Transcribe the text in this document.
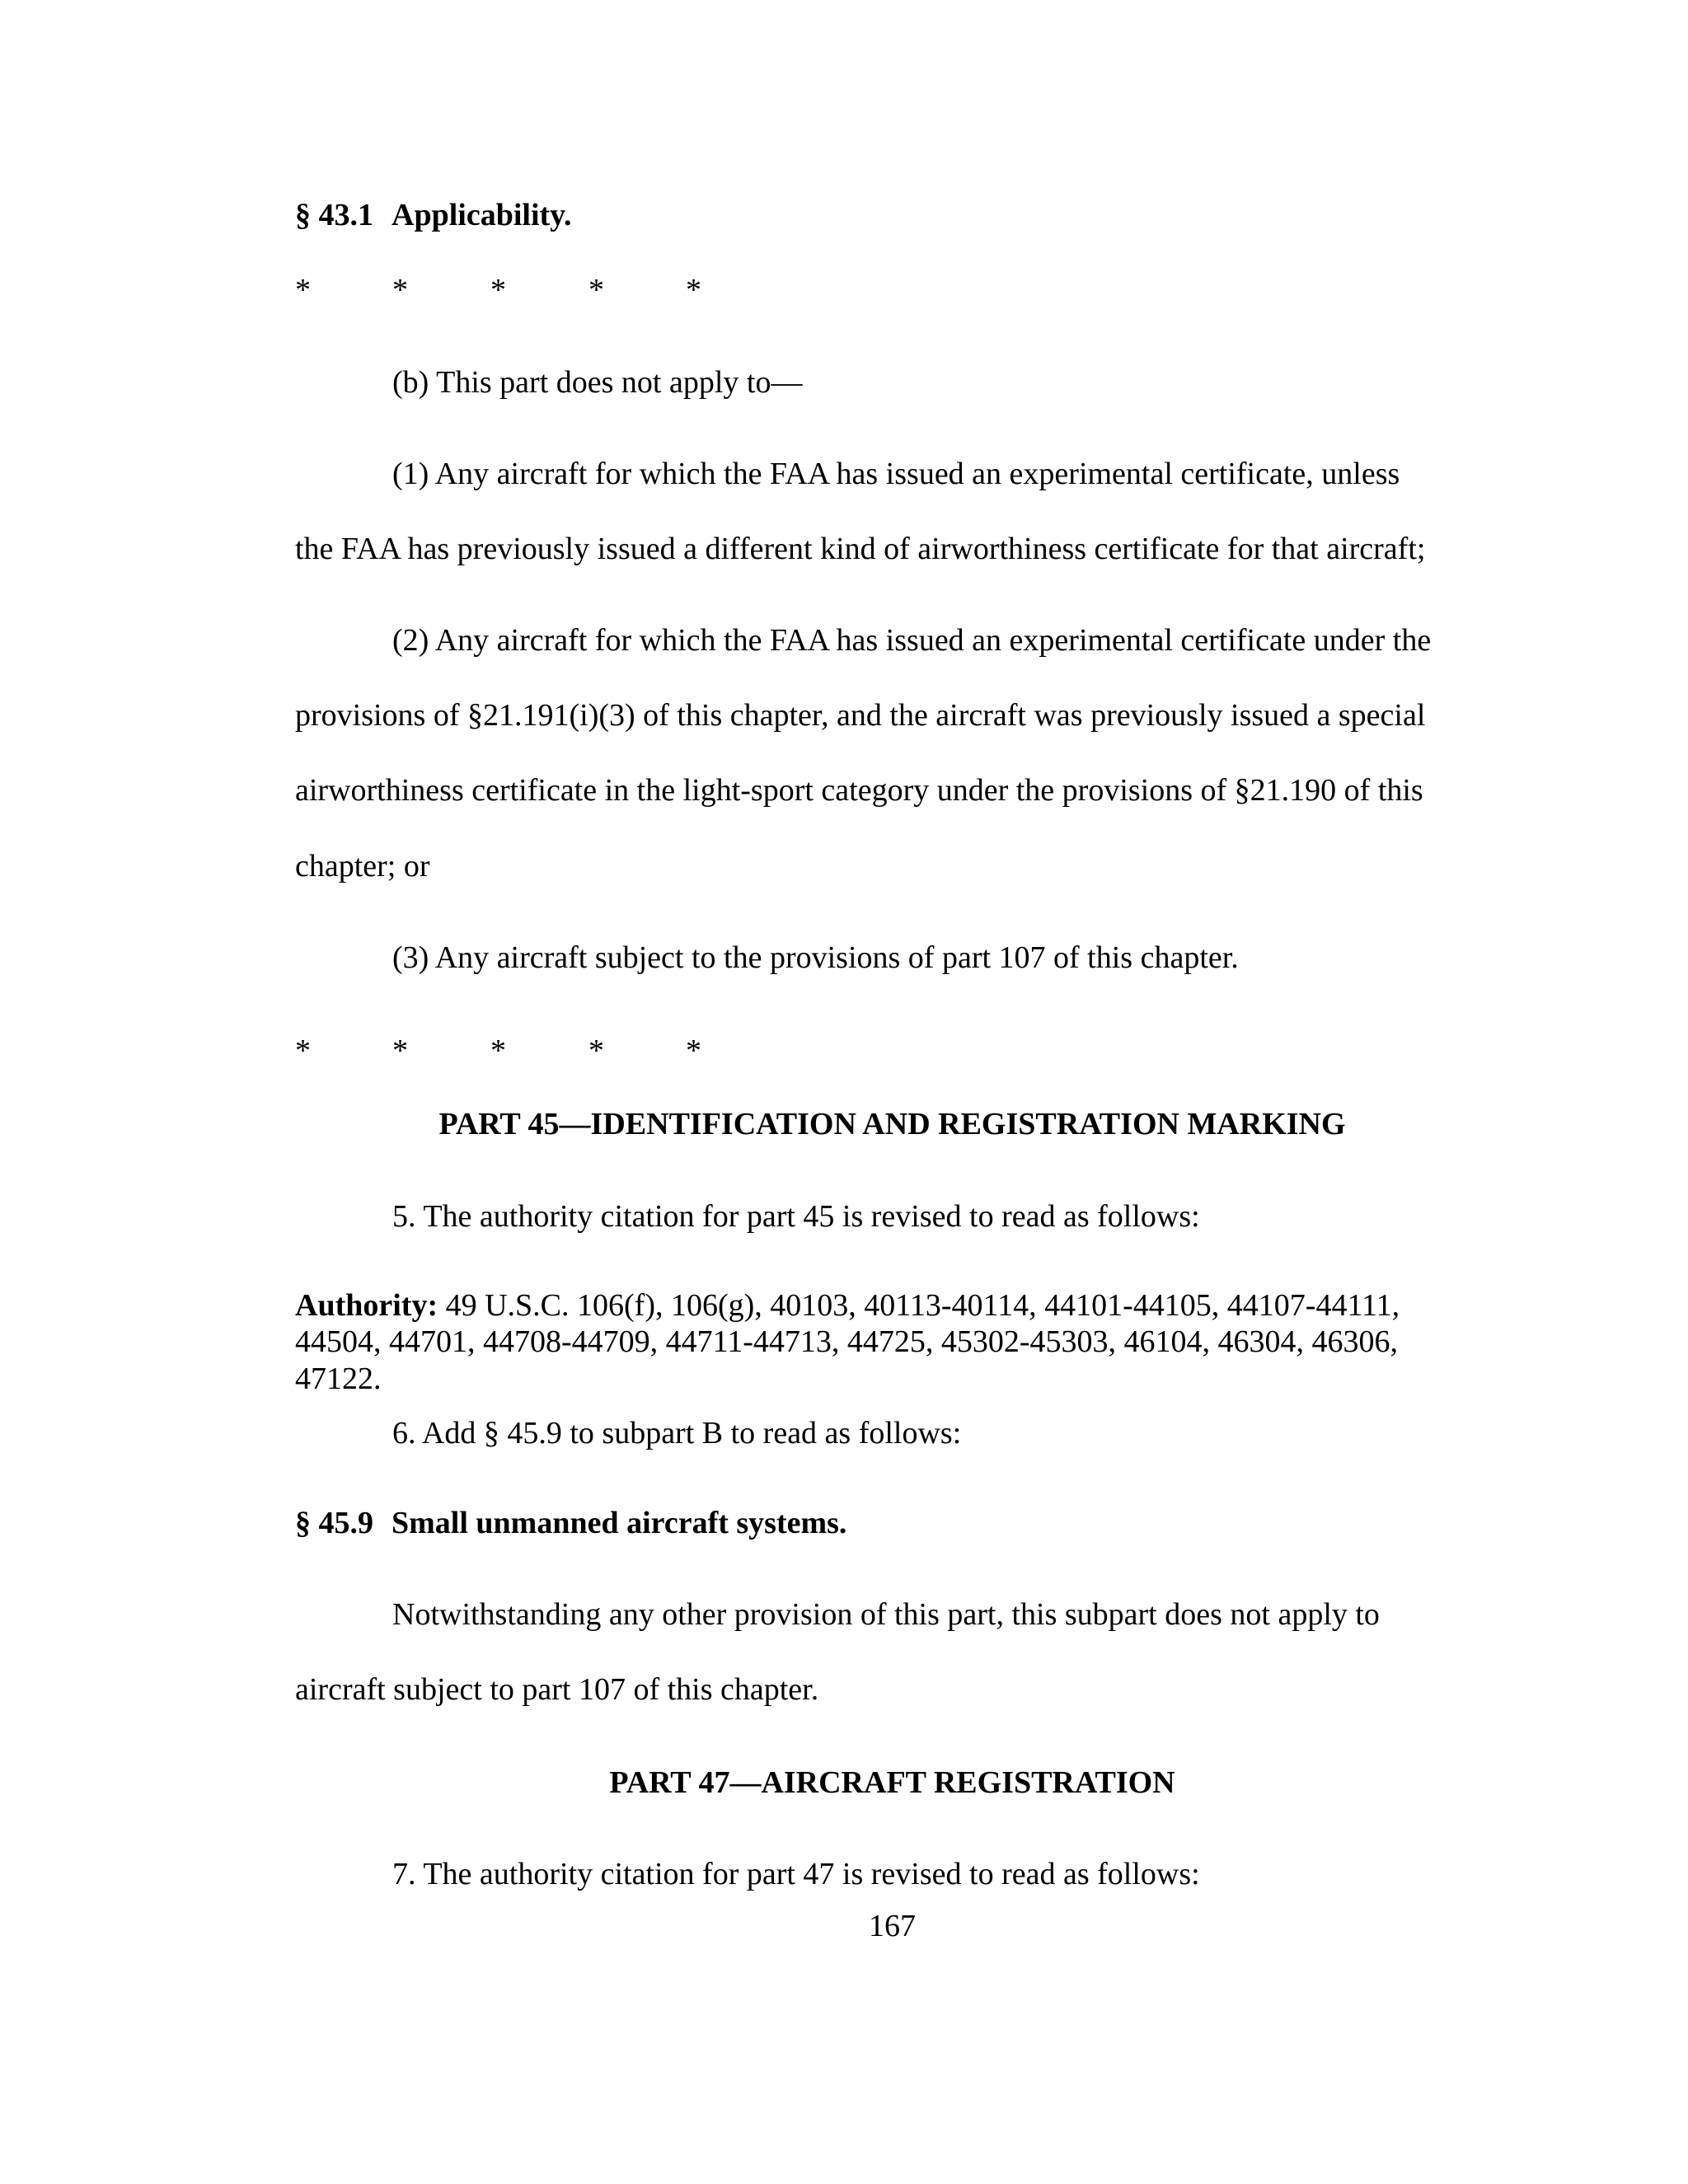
§ 43.1 Applicability.
*	*	*	*	*

(b) This part does not apply to—

(1) Any aircraft for which the FAA has issued an experimental certificate, unless

the FAA has previously issued a different kind of airworthiness certificate for that aircraft;

(2) Any aircraft for which the FAA has issued an experimental certificate under the

provisions of §21.191(i)(3) of this chapter, and the aircraft was previously issued a special

airworthiness certificate in the light-sport category under the provisions of §21.190 of this

chapter; or

(3) Any aircraft subject to the provisions of part 107 of this chapter.

*	*	*	*	*
PART 45—IDENTIFICATION AND REGISTRATION MARKING

5. The authority citation for part 45 is revised to read as follows:

Authority: 49 U.S.C. 106(f), 106(g), 40103, 40113-40114, 44101-44105, 44107-44111,

44504, 44701, 44708-44709, 44711-44713, 44725, 45302-45303, 46104, 46304, 46306,

47122.

6. Add § 45.9 to subpart B to read as follows:

§ 45.9 Small unmanned aircraft systems.

Notwithstanding any other provision of this part, this subpart does not apply to

aircraft subject to part 107 of this chapter.

PART 47—AIRCRAFT REGISTRATION

7. The authority citation for part 47 is revised to read as follows:

167
